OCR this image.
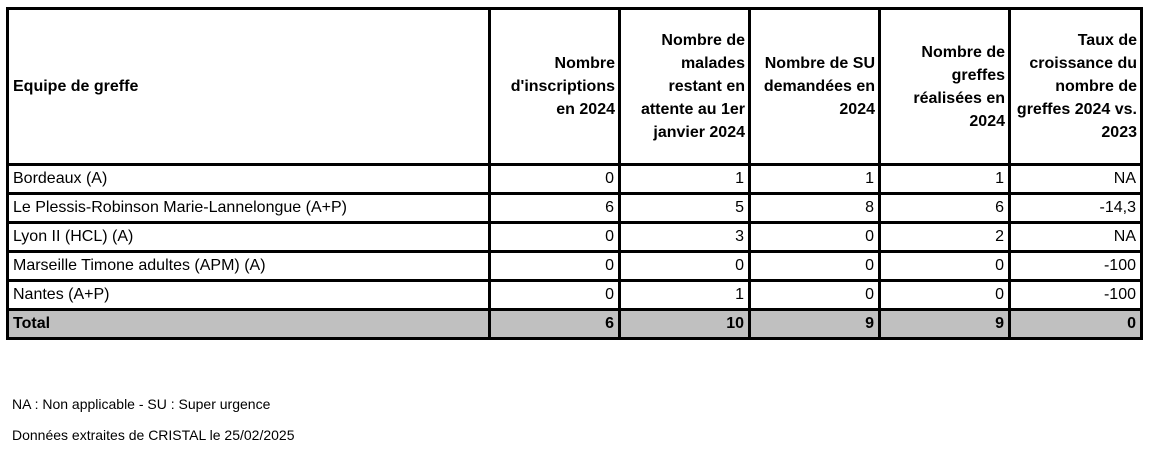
Equipe de greffe	Nombre d'inscriptions en 2024	Nombre de malades restant en attente au 1er janvier 2024	Nombre de SU demandées en 2024	Nombre de greffes réalisées en 2024	Taux de croissance du nombre de greffes 2024 vs. 2023
Bordeaux (A)	0	1	1	1	NA
Le Plessis-Robinson Marie-Lannelongue (A+P)	6	5	8	6	-14,3
Lyon II (HCL) (A)	0	3	0	2	NA
Marseille Timone adultes (APM) (A)	0	0	0	0	-100
Nantes (A+P)	0	1	0	0	-100
Total	6	10	9	9	0
NA : Non applicable - SU : Super urgence
Données extraites de CRISTAL le 25/02/2025
